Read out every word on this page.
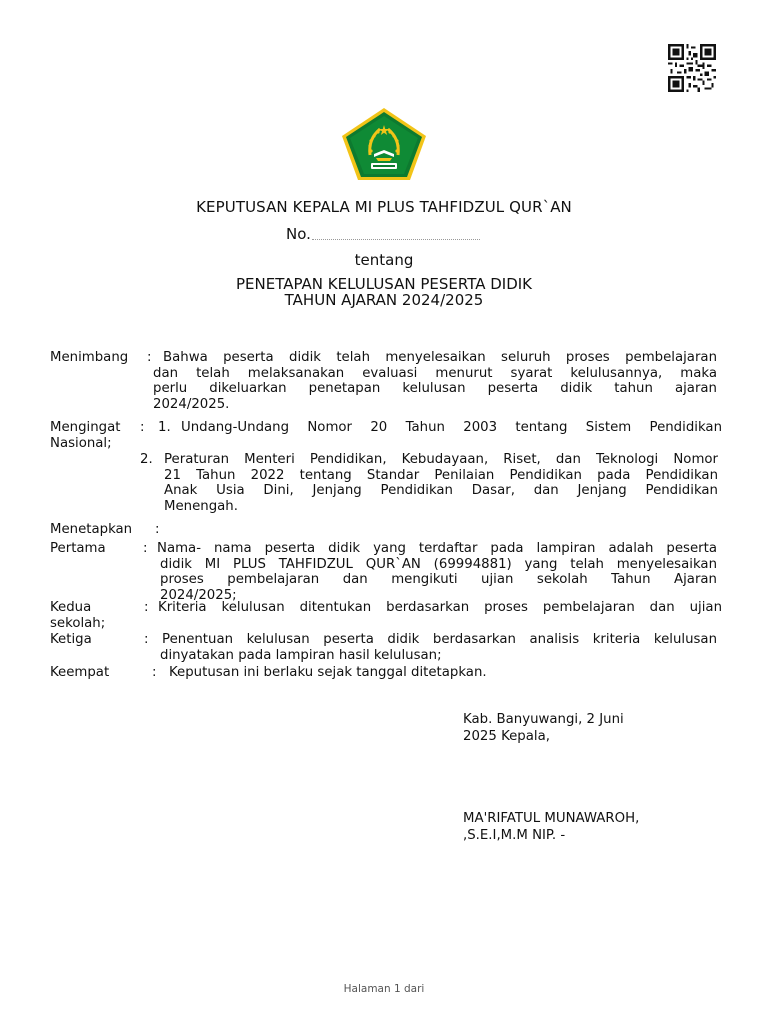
KEPUTUSAN KEPALA MI PLUS TAHFIDZUL QUR`AN
No.
tentang
PENETAPAN KELULUSAN PESERTA DIDIK
TAHUN AJARAN 2024/2025
Menimbang : Bahwa peserta didik telah menyelesaikan seluruh proses pembelajaran
dan telah melaksanakan evaluasi menurut syarat kelulusannya, maka
perlu dikeluarkan penetapan kelulusan peserta didik tahun ajaran
2024/2025.
Mengingat : 1. Undang-Undang Nomor 20 Tahun 2003 tentang Sistem Pendidikan
Nasional;
2. Peraturan Menteri Pendidikan, Kebudayaan, Riset, dan Teknologi Nomor
21 Tahun 2022 tentang Standar Penilaian Pendidikan pada Pendidikan
Anak Usia Dini, Jenjang Pendidikan Dasar, dan Jenjang Pendidikan
Menengah.
Menetapkan :
Pertama	: Nama- nama peserta didik yang terdaftar pada lampiran adalah peserta
didik MI PLUS TAHFIDZUL QUR`AN (69994881) yang telah menyelesaikan
proses pembelajaran dan mengikuti ujian sekolah Tahun Ajaran
2024/2025;
Kedua	: Kriteria kelulusan ditentukan berdasarkan proses pembelajaran dan ujian
sekolah;
Ketiga	: Penentuan kelulusan peserta didik berdasarkan analisis kriteria kelulusan
dinyatakan pada lampiran hasil kelulusan;
Keempat	: Keputusan ini berlaku sejak tanggal ditetapkan.
Kab. Banyuwangi, 2 Juni
2025 Kepala,
MA'RIFATUL MUNAWAROH,
,S.E.I,M.M NIP. -
Halaman 1 dari
